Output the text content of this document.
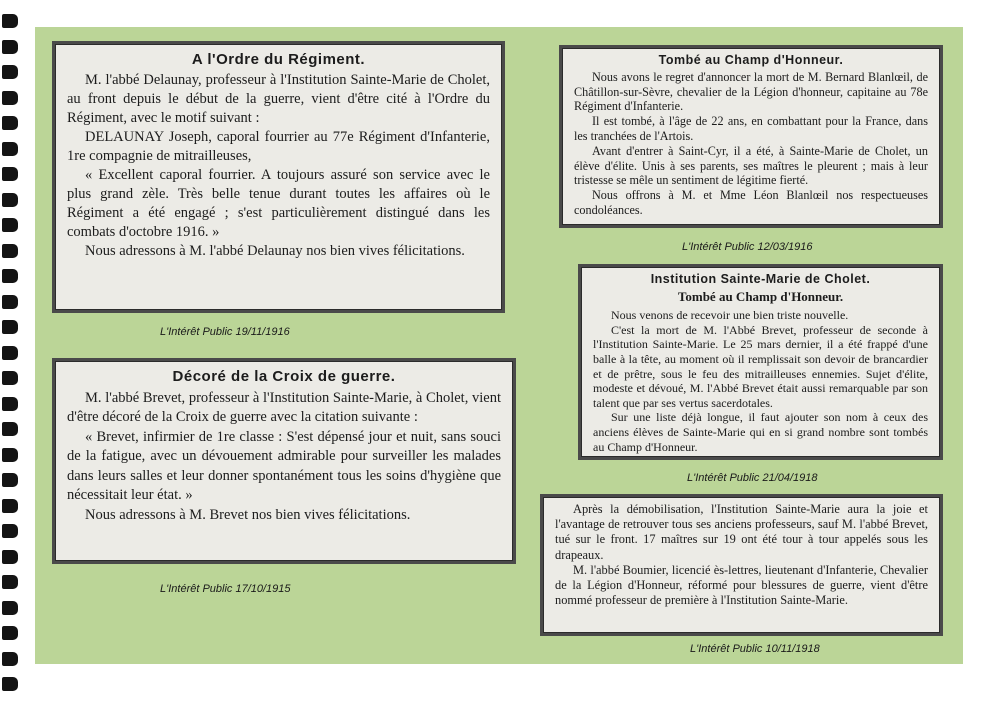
A l'Ordre du Régiment.

M. l'abbé Delaunay, professeur à l'Institution Sainte-Marie de Cholet, au front depuis le début de la guerre, vient d'être cité à l'Ordre du Régiment, avec le motif suivant :

DELAUNAY Joseph, caporal fourrier au 77e Régiment d'Infanterie, 1re compagnie de mitrailleuses,

« Excellent caporal fourrier. A toujours assuré son service avec le plus grand zèle. Très belle tenue durant toutes les affaires où le Régiment a été engagé ; s'est particulièrement distingué dans les combats d'octobre 1916. »

Nous adressons à M. l'abbé Delaunay nos bien vives félicitations.

L'Intérêt Public 19/11/1916
Décoré de la Croix de guerre.

M. l'abbé Brevet, professeur à l'Institution Sainte-Marie, à Cholet, vient d'être décoré de la Croix de guerre avec la citation suivante :

« Brevet, infirmier de 1re classe : S'est dépensé jour et nuit, sans souci de la fatigue, avec un dévouement admirable pour surveiller les malades dans leurs salles et leur donner spontanément tous les soins d'hygiène que nécessitait leur état. »

Nous adressons à M. Brevet nos bien vives félicitations.

L'Intérêt Public 17/10/1915
Tombé au Champ d'Honneur.

Nous avons le regret d'annoncer la mort de M. Bernard Blanlœil, de Châtillon-sur-Sèvre, chevalier de la Légion d'honneur, capitaine au 78e Régiment d'Infanterie.

Il est tombé, à l'âge de 22 ans, en combattant pour la France, dans les tranchées de l'Artois.

Avant d'entrer à Saint-Cyr, il a été, à Sainte-Marie de Cholet, un élève d'élite. Unis à ses parents, ses maîtres le pleurent ; mais à leur tristesse se mêle un sentiment de légitime fierté.

Nous offrons à M. et Mme Léon Blanlœil nos respectueuses condoléances.

L'Intérêt Public 12/03/1916
Institution Sainte-Marie de Cholet.
Tombé au Champ d'Honneur.

Nous venons de recevoir une bien triste nouvelle.

C'est la mort de M. l'Abbé Brevet, professeur de seconde à l'Institution Sainte-Marie. Le 25 mars dernier, il a été frappé d'une balle à la tête, au moment où il remplissait son devoir de brancardier et de prêtre, sous le feu des mitrailleuses ennemies. Sujet d'élite, modeste et dévoué, M. l'Abbé Brevet était aussi remarquable par son talent que par ses vertus sacerdotales.

Sur une liste déjà longue, il faut ajouter son nom à ceux des anciens élèves de Sainte-Marie qui en si grand nombre sont tombés au Champ d'Honneur.

L'Intérêt Public 21/04/1918

Après la démobilisation, l'Institution Sainte-Marie aura la joie et l'avantage de retrouver tous ses anciens professeurs, sauf M. l'abbé Brevet, tué sur le front. 17 maîtres sur 19 ont été tour à tour appelés sous les drapeaux.

M. l'abbé Boumier, licencié ès-lettres, lieutenant d'Infanterie, Chevalier de la Légion d'Honneur, réformé pour blessures de guerre, vient d'être nommé professeur de première à l'Institution Sainte-Marie.

L'Intérêt Public 10/11/1918
